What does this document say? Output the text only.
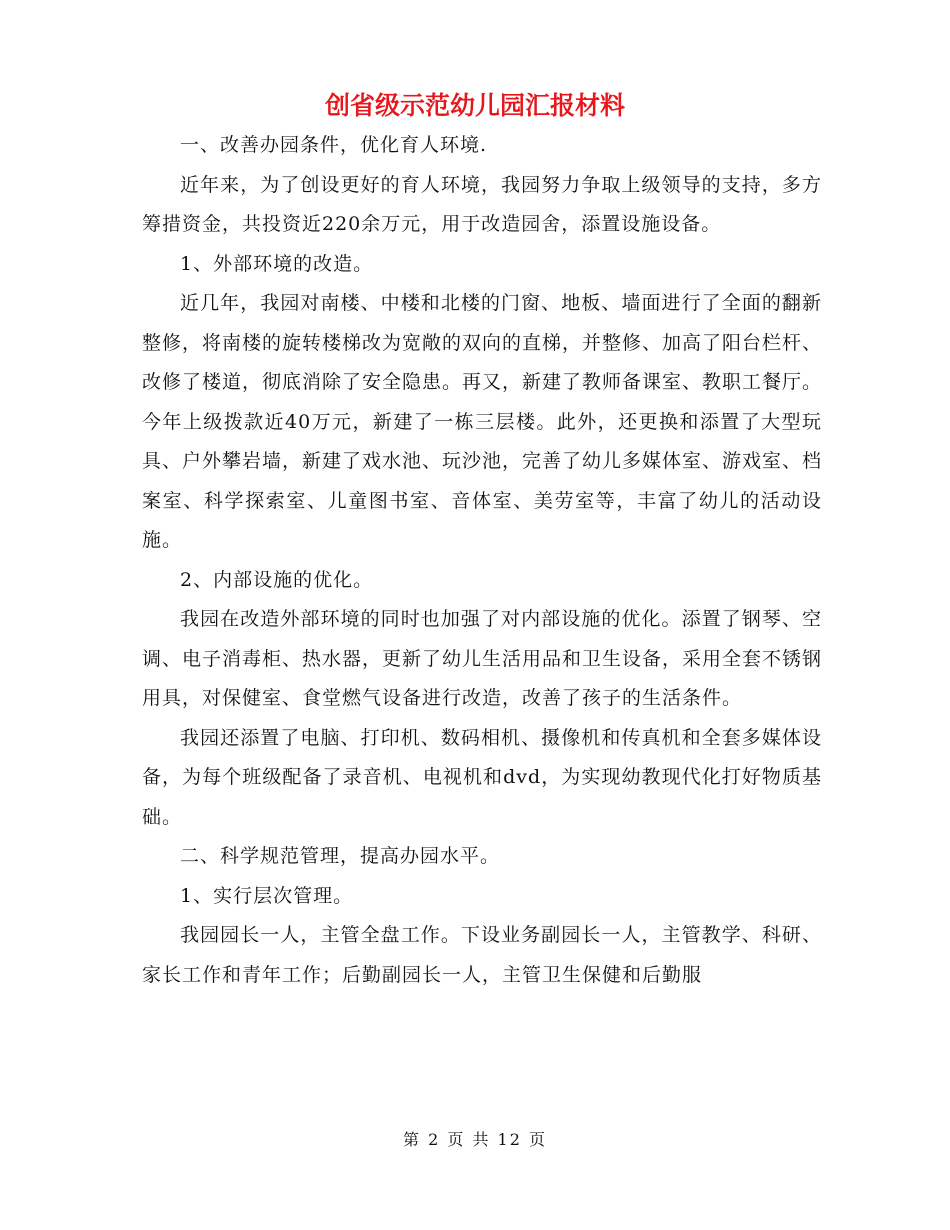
创省级示范幼儿园汇报材料

一、改善办园条件，优化育人环境.

近年来，为了创设更好的育人环境，我园努力争取上级领导的支持，多方筹措资金，共投资近220余万元，用于改造园舍，添置设施设备。

1、外部环境的改造。

近几年，我园对南楼、中楼和北楼的门窗、地板、墙面进行了全面的翻新整修，将南楼的旋转楼梯改为宽敞的双向的直梯，并整修、加高了阳台栏杆、改修了楼道，彻底消除了安全隐患。再又，新建了教师备课室、教职工餐厅。今年上级拨款近40万元，新建了一栋三层楼。此外，还更换和添置了大型玩具、户外攀岩墙，新建了戏水池、玩沙池，完善了幼儿多媒体室、游戏室、档案室、科学探索室、儿童图书室、音体室、美劳室等，丰富了幼儿的活动设施。

2、内部设施的优化。

我园在改造外部环境的同时也加强了对内部设施的优化。添置了钢琴、空调、电子消毒柜、热水器，更新了幼儿生活用品和卫生设备，采用全套不锈钢用具，对保健室、食堂燃气设备进行改造，改善了孩子的生活条件。

我园还添置了电脑、打印机、数码相机、摄像机和传真机和全套多媒体设备，为每个班级配备了录音机、电视机和dvd，为实现幼教现代化打好物质基础。

二、科学规范管理，提高办园水平。

1、实行层次管理。

我园园长一人，主管全盘工作。下设业务副园长一人，主管教学、科研、家长工作和青年工作；后勤副园长一人，主管卫生保健和后勤服

第 2 页 共 12 页
